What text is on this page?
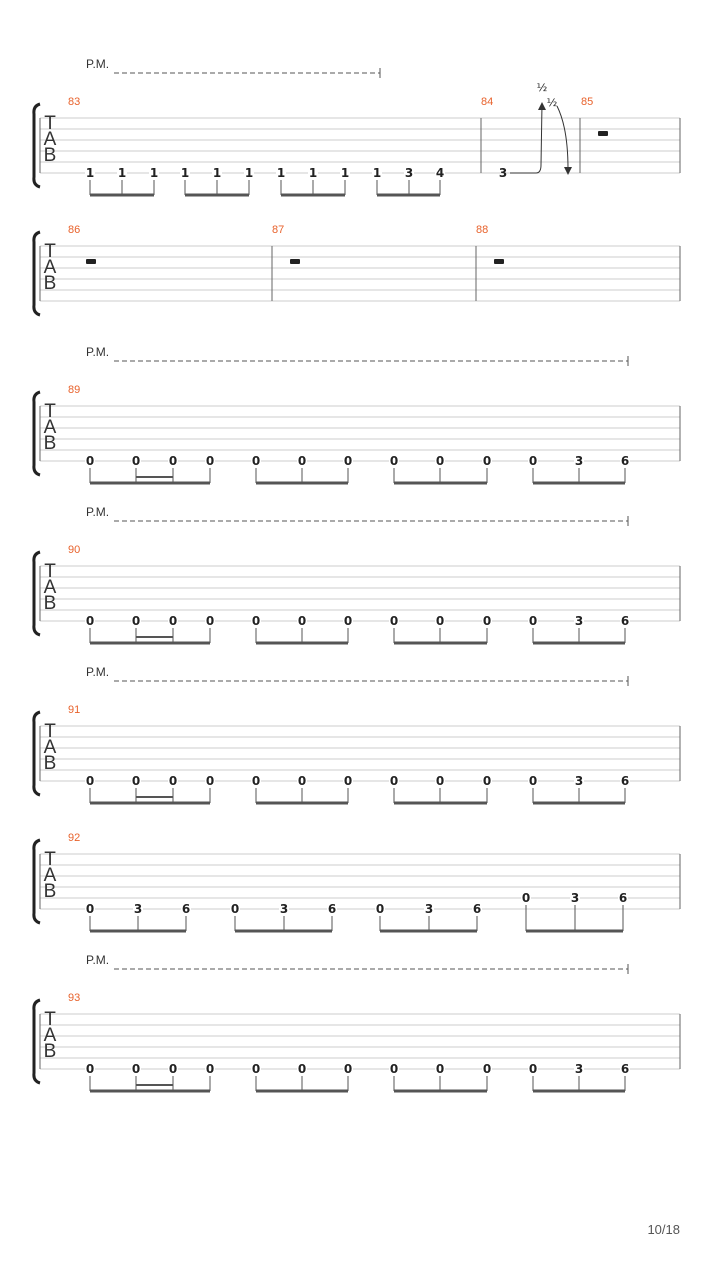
T
A
B
P.M.
83	84	85
1 1 1 1 1 1 1 1 1 1 3 4	3
½
½
T
A
B
86	87	88
T
A
B
P.M.
89
0	0 0 0	0	0	0	0	0	0	0	3	6
T
A
B
P.M.
90
0	0 0 0	0	0	0	0	0	0	0	3	6
T
A
B
P.M.
91
0	0 0 0	0	0	0	0	0	0	0	3	6
T
A
B
92
0	3	6	0	3	6	0	3	6
0	3	6
T
A
B
P.M.
93
0	0 0 0	0	0	0	0	0	0	0	3	6
10/18
